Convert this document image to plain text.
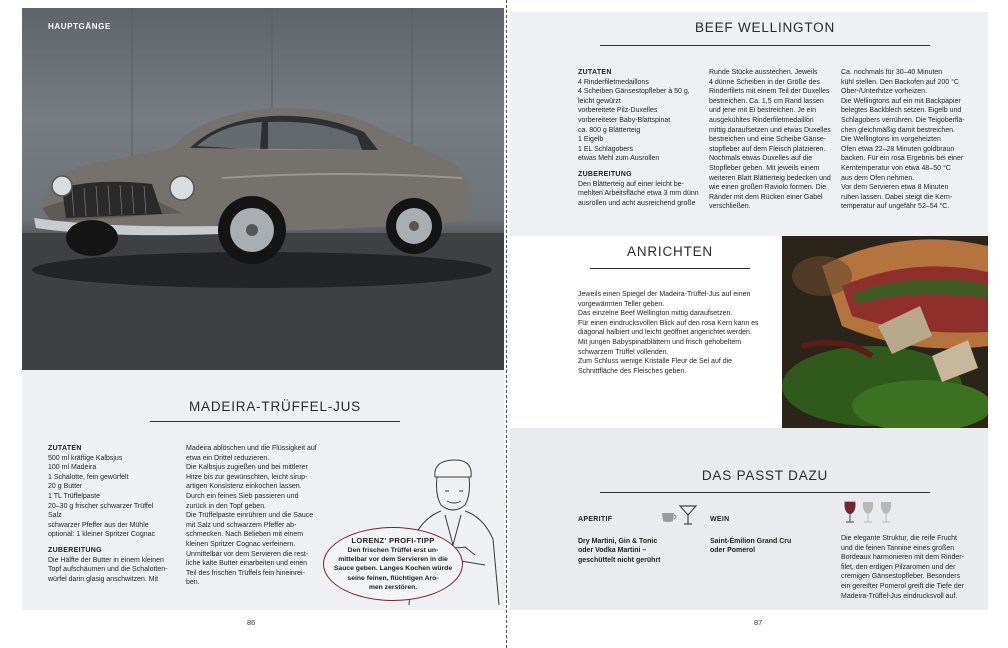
HAUPTGÄNGE
MADEIRA-TRÜFFEL-JUS
ZUTATEN
500 ml kräftige Kalbsjus
100 ml Madeira
1 Schalotte, fein gewürfelt
20 g Butter
1 TL Trüffelpaste
20–30 g frischer schwarzer Trüffel
Salz
schwarzer Pfeffer aus der Mühle
optional: 1 kleiner Spritzer Cognac
ZUBEREITUNG
Die Hälfte der Butter in einem kleinen
Topf aufschäumen und die Schalotten-
würfel darin glasig anschwitzen. Mit
Madeira ablöschen und die Flüssigkeit auf
etwa ein Drittel reduzieren.
Die Kalbsjus zugießen und bei mittlerer
Hitze bis zur gewünschten, leicht sirup-
artigen Konsistenz einkochen lassen.
Durch ein feines Sieb passieren und
zurück in den Topf geben.
Die Trüffelpaste einrühren und die Sauce
mit Salz und schwarzem Pfeffer ab-
schmecken. Nach Belieben mit einem
kleinen Spritzer Cognac verfeinern.
Unmittelbar vor dem Servieren die rest-
liche kalte Butter einarbeiten und einen
Teil des frischen Trüffels fein hineinrei-
ben.
LORENZ' PROFI-TIPP
Den frischen Trüffel erst un-
mittelbar vor dem Servieren in die
Sauce geben. Langes Kochen würde
seine feinen, flüchtigen Aro-
men zerstören.
86
BEEF WELLINGTON
ZUTATEN
4 Rinderfiletmedaillons
4 Scheiben Gänsestopfleber à 50 g,
leicht gewürzt
vorbereitete Pilz-Duxelles
vorbereiteter Baby-Blattspinat
ca. 800 g Blätterteig
1 Eigelb
1 EL Schlagobers
etwas Mehl zum Ausrollen
ZUBEREITUNG
Den Blätterteig auf einer leicht be-
mehlten Arbeitsfläche etwa 3 mm dünn
ausrollen und acht ausreichend große
Runde Stücke ausstechen. Jeweils
4 dünne Scheiben in der Größe des
Rinderfilets mit einem Teil der Duxelles
bestreichen. Ca. 1,5 cm Rand lassen
und jene mit Ei bestreichen. Je ein
ausgekühltes Rinderfiletmedaillon
mittig daraufsetzen und etwas Duxelles
bestreichen und eine Scheibe Gänse-
stopfleber auf dem Fleisch platzieren.
Nochmals etwas Duxelles auf die
Stopfleber geben. Mit jeweils einem
weiteren Blatt Blätterteig bedecken und
wie einen großen Raviolo formen. Die
Ränder mit dem Rücken einer Gabel
verschließen.
Ca. nochmals für 30–40 Minuten
kühl stellen. Den Backofen auf 200 °C
Ober-/Unterhitze vorheizen.
Die Wellingtons auf ein mit Backpapier
belegtes Backblech setzen. Eigelb und
Schlagobers verrühren. Die Teigoberflä-
chen gleichmäßig damit bestreichen.
Die Wellingtons im vorgeheizten
Ofen etwa 22–28 Minuten goldbraun
backen. Für ein rosa Ergebnis bei einer
Kerntemperatur von etwa 48–50 °C
aus dem Ofen nehmen.
Vor dem Servieren etwa 8 Minuten
ruhen lassen. Dabei steigt die Kern-
temperatur auf ungefähr 52–54 °C.
ANRICHTEN
Jeweils einen Spiegel der Madeira-Trüffel-Jus auf einen
vorgewärmten Teller geben.
Das einzelne Beef Wellington mittig daraufsetzen.
Für einen eindrucksvollen Blick auf den rosa Kern kann es
diagonal halbiert und leicht geöffnet angerichtet werden.
Mit jungen Babyspinatblättern und frisch gehobeltem
schwarzem Trüffel vollenden.
Zum Schluss wenige Kristalle Fleur de Sel auf die
Schnittfläche des Fleisches geben.
DAS PASST DAZU
APERITIF
Dry Martini, Gin & Tonic
oder Vodka Martini –
geschüttelt nicht gerührt
WEIN
Saint-Émilion Grand Cru
oder Pomerol
Die elegante Struktur, die reife Frucht
und die feinen Tannine eines großen
Bordeaux harmonieren mit dem Rinder-
filet, den erdigen Pilzaromen und der
cremigen Gänsestopfleber. Besonders
ein gereifter Pomerol greift die Tiefe der
Madeira-Trüffel-Jus eindrucksvoll auf.
87
